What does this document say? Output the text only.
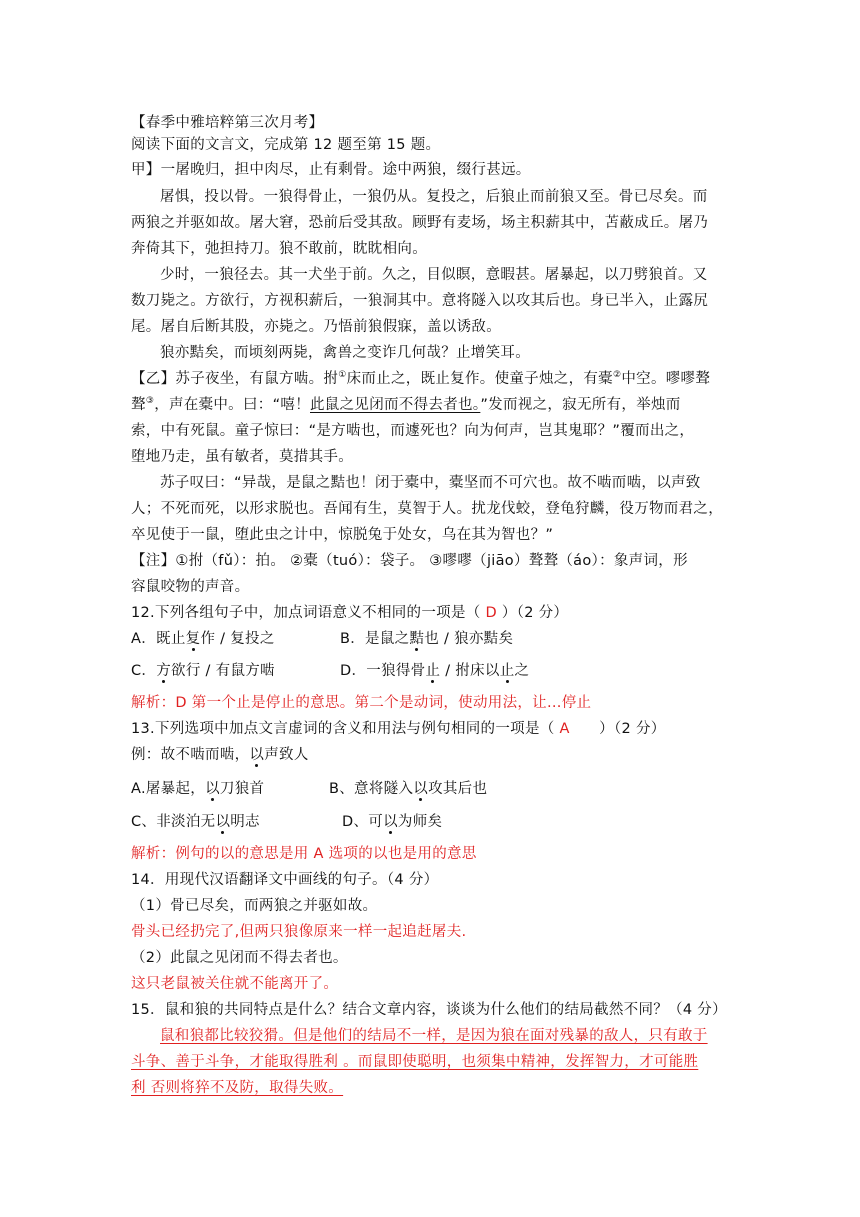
【春季中雅培粹第三次月考】
阅读下面的文言文，完成第 12 题至第 15 题。
甲】一屠晚归，担中肉尽，止有剩骨。途中两狼，缀行甚远。
屠惧，投以骨。一狼得骨止，一狼仍从。复投之，后狼止而前狼又至。骨已尽矣。而
两狼之并驱如故。屠大窘，恐前后受其敌。顾野有麦场，场主积薪其中，苫蔽成丘。屠乃
奔倚其下，弛担持刀。狼不敢前，眈眈相向。
少时，一狼径去。其一犬坐于前。久之，目似瞑，意暇甚。屠暴起，以刀劈狼首。又
数刀毙之。方欲行，方视积薪后，一狼洞其中。意将隧入以攻其后也。身已半入，止露尻
尾。屠自后断其股，亦毙之。乃悟前狼假寐，盖以诱敌。
狼亦黠矣，而顷刻两毙，禽兽之变诈几何哉？止增笑耳。
【乙】苏子夜坐，有鼠方啮。拊①床而止之，既止复作。使童子烛之，有橐②中空。嘐嘐聱
聱③，声在橐中。曰：“嘻！此鼠之见闭而不得去者也。”发而视之，寂无所有，举烛而
索，中有死鼠。童子惊曰：“是方啮也，而遽死也？向为何声，岂其鬼耶？”覆而出之，
堕地乃走，虽有敏者，莫措其手。
苏子叹曰：“异哉，是鼠之黠也！闭于橐中，橐坚而不可穴也。故不啮而啮，以声致
人；不死而死，以形求脱也。吾闻有生，莫智于人。扰龙伐蛟，登龟狩麟，役万物而君之，
卒见使于一鼠，堕此虫之计中，惊脱兔于处女，乌在其为智也？”
【注】①拊（fǔ）：拍。 ②橐（tuó）：袋子。 ③嘐嘐（jiāo）聱聱（áo）：象声词，形
容鼠咬物的声音。
12.下列各组句子中，加点词语意义不相同的一项是（ D ）（2 分）
A．既止复作 / 复投之	B．是鼠之黠也 / 狼亦黠矣
C．方欲行 / 有鼠方啮	D．一狼得骨止 / 拊床以止之
解析：D 第一个止是停止的意思。第二个是动词，使动用法，让...停止
13.下列选项中加点文言虚词的含义和用法与例句相同的一项是（ A      ）（2 分）
例：故不啮而啮，以声致人
A.屠暴起，以刀狼首	B、意将隧入以攻其后也
C、非淡泊无以明志	D、可以为师矣
解析：例句的以的意思是用 A 选项的以也是用的意思
14．用现代汉语翻译文中画线的句子。（4 分）
（1）骨已尽矣，而两狼之并驱如故。
骨头已经扔完了,但两只狼像原来一样一起追赶屠夫.
（2）此鼠之见闭而不得去者也。
这只老鼠被关住就不能离开了。
15．鼠和狼的共同特点是什么？结合文章内容，谈谈为什么他们的结局截然不同？（4 分）
鼠和狼都比较狡猾。但是他们的结局不一样，是因为狼在面对残暴的敌人，只有敢于
斗争、善于斗争，才能取得胜利 。而鼠即使聪明，也须集中精神，发挥智力，才可能胜
利 否则将猝不及防，取得失败。
